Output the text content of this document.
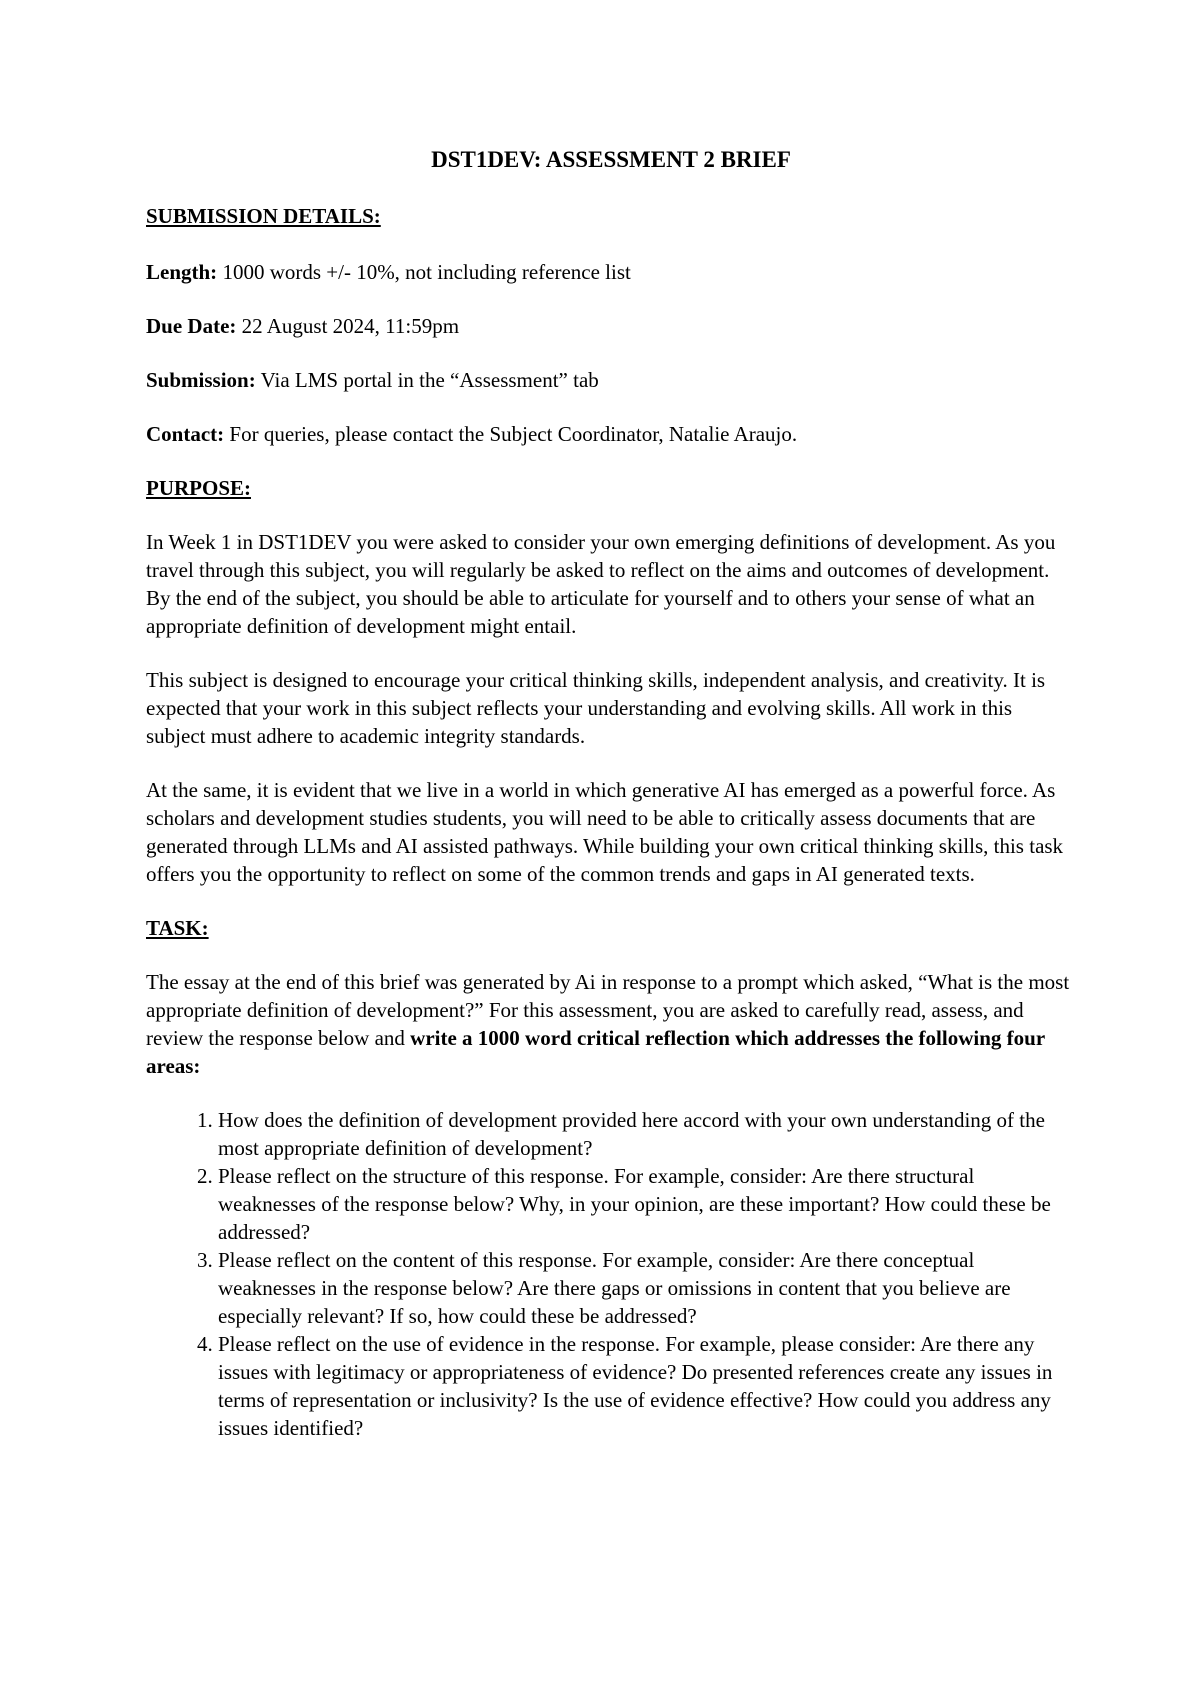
DST1DEV: ASSESSMENT 2 BRIEF

SUBMISSION DETAILS:

Length: 1000 words +/- 10%, not including reference list

Due Date: 22 August 2024, 11:59pm

Submission: Via LMS portal in the “Assessment” tab

Contact: For queries, please contact the Subject Coordinator, Natalie Araujo.

PURPOSE:

In Week 1 in DST1DEV you were asked to consider your own emerging definitions of development. As you travel through this subject, you will regularly be asked to reflect on the aims and outcomes of development. By the end of the subject, you should be able to articulate for yourself and to others your sense of what an appropriate definition of development might entail.

This subject is designed to encourage your critical thinking skills, independent analysis, and creativity. It is expected that your work in this subject reflects your understanding and evolving skills. All work in this subject must adhere to academic integrity standards.

At the same, it is evident that we live in a world in which generative AI has emerged as a powerful force. As scholars and development studies students, you will need to be able to critically assess documents that are generated through LLMs and AI assisted pathways. While building your own critical thinking skills, this task offers you the opportunity to reflect on some of the common trends and gaps in AI generated texts.

TASK:

The essay at the end of this brief was generated by Ai in response to a prompt which asked, “What is the most appropriate definition of development?” For this assessment, you are asked to carefully read, assess, and review the response below and write a 1000 word critical reflection which addresses the following four areas:

1. How does the definition of development provided here accord with your own understanding of the most appropriate definition of development?
2. Please reflect on the structure of this response. For example, consider: Are there structural weaknesses of the response below? Why, in your opinion, are these important? How could these be addressed?
3. Please reflect on the content of this response. For example, consider: Are there conceptual weaknesses in the response below? Are there gaps or omissions in content that you believe are especially relevant? If so, how could these be addressed?
4. Please reflect on the use of evidence in the response. For example, please consider: Are there any issues with legitimacy or appropriateness of evidence? Do presented references create any issues in terms of representation or inclusivity? Is the use of evidence effective? How could you address any issues identified?
